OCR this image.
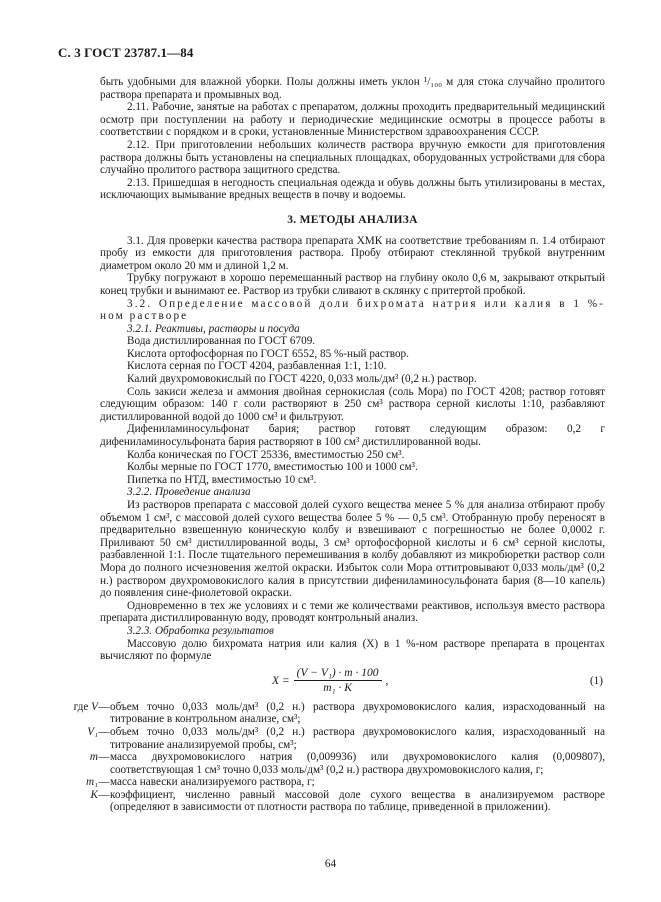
С. 3 ГОСТ 23787.1—84

быть удобными для влажной уборки. Полы должны иметь уклон ¹/₁₀₀ м для стока случайно пролитого раствора препарата и промывных вод.

2.11. Рабочие, занятые на работах с препаратом, должны проходить предварительный медицинский осмотр при поступлении на работу и периодические медицинские осмотры в процессе работы в соответствии с порядком и в сроки, установленные Министерством здравоохранения СССР.

2.12. При приготовлении небольших количеств раствора вручную емкости для приготовления раствора должны быть установлены на специальных площадках, оборудованных устройствами для сбора случайно пролитого раствора защитного средства.

2.13. Пришедшая в негодность специальная одежда и обувь должны быть утилизированы в местах, исключающих вымывание вредных веществ в почву и водоемы.

3. МЕТОДЫ АНАЛИЗА

3.1. Для проверки качества раствора препарата ХМК на соответствие требованиям п. 1.4 отбирают пробу из емкости для приготовления раствора. Пробу отбирают стеклянной трубкой внутренним диаметром около 20 мм и длиной 1,2 м.

Трубку погружают в хорошо перемешанный раствор на глубину около 0,6 м, закрывают открытый конец трубки и вынимают ее. Раствор из трубки сливают в склянку с притертой пробкой.

3.2. Определение массовой доли бихромата натрия или калия в 1 %-ном растворе

3.2.1. Реактивы, растворы и посуда

Вода дистиллированная по ГОСТ 6709.

Кислота ортофосфорная по ГОСТ 6552, 85 %-ный раствор.

Кислота серная по ГОСТ 4204, разбавленная 1:1, 1:10.

Калий двухромовокислый по ГОСТ 4220, 0,033 моль/дм³ (0,2 н.) раствор.

Соль закиси железа и аммония двойная сернокислая (соль Мора) по ГОСТ 4208; раствор готовят следующим образом: 140 г соли растворяют в 250 см³ раствора серной кислоты 1:10, разбавляют дистиллированной водой до 1000 см³ и фильтруют.

Дифениламиносульфонат бария; раствор готовят следующим образом: 0,2 г дифениламиносульфоната бария растворяют в 100 см³ дистиллированной воды.

Колба коническая по ГОСТ 25336, вместимостью 250 см³.

Колбы мерные по ГОСТ 1770, вместимостью 100 и 1000 см³.

Пипетка по НТД, вместимостью 10 см³.

3.2.2. Проведение анализа

Из растворов препарата с массовой долей сухого вещества менее 5 % для анализа отбирают пробу объемом 1 см³, с массовой долей сухого вещества более 5 % — 0,5 см³. Отобранную пробу переносят в предварительно взвешенную коническую колбу и взвешивают с погрешностью не более 0,0002 г. Приливают 50 см³ дистиллированной воды, 3 см³ ортофосфорной кислоты и 6 см³ серной кислоты, разбавленной 1:1. После тщательного перемешивания в колбу добавляют из микробюретки раствор соли Мора до полного исчезновения желтой окраски. Избыток соли Мора оттитровывают 0,033 моль/дм³ (0,2 н.) раствором двухромовокислого калия в присутствии дифениламиносульфоната бария (8—10 капель) до появления сине-фиолетовой окраски.

Одновременно в тех же условиях и с теми же количествами реактивов, используя вместо раствора препарата дистиллированную воду, проводят контрольный анализ.

3.2.3. Обработка результатов

Массовую долю бихромата натрия или калия (X) в 1 %-ном растворе препарата в процентах вычисляют по формуле

$X = \frac{\text{(V − V₁) · m · 100}}{\text{m₁ · K}}$ ,	(1)
где V — объем точно 0,033 моль/дм³ (0,2 н.) раствора двухромовокислого калия, израсходованный на титрование в контрольном анализе, см³;
V₁ — объем точно 0,033 моль/дм³ (0,2 н.) раствора двухромовокислого калия, израсходованный на титрование анализируемой пробы, см³;
m — масса двухромовокислого натрия (0,009936) или двухромовокислого калия (0,009807), соответствующая 1 см³ точно 0,033 моль/дм³ (0,2 н.) раствора двухромовокислого калия, г;
m₁ — масса навески анализируемого раствора, г;
K — коэффициент, численно равный массовой доле сухого вещества в анализируемом растворе (определяют в зависимости от плотности раствора по таблице, приведенной в приложении).
64
